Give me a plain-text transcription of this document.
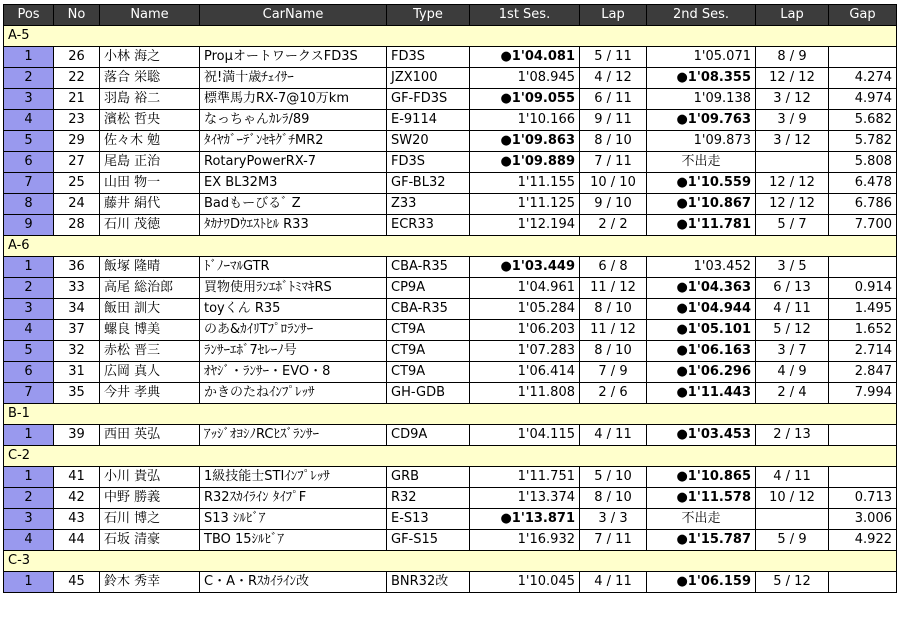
Pos	No	Name	CarName	Type	1st Ses.	Lap	2nd Ses.	Lap	Gap
A-5									
1	26	小林 海之	ProμオートワークスFD3S	FD3S	●1'04.081	5 / 11	1'05.071	8 / 9	
2	22	落合 栄聡	祝!満十歳ﾁｪｲｻｰ	JZX100	1'08.945	4 / 12	●1'08.355	12 / 12	4.274
3	21	羽島 裕二	標準馬力RX-7@10万km	GF-FD3S	●1'09.055	6 / 11	1'09.138	3 / 12	4.974
4	23	濱松 哲央	なっちゃんｶﾚﾗ/89	E-9114	1'10.166	9 / 11	●1'09.763	3 / 9	5.682
5	29	佐々木 勉	ﾀｲﾔｶﾞｰﾃﾞﾝｾｷｸﾞﾁMR2	SW20	●1'09.863	8 / 10	1'09.873	3 / 12	5.782
6	27	尾島 正治	RotaryPowerRX-7	FD3S	●1'09.889	7 / 11	不出走		5.808
7	25	山田 物一	EX BL32M3	GF-BL32	1'11.155	10 / 10	●1'10.559	12 / 12	6.478
8	24	藤井 絹代	Badもーびるﾞ Z	Z33	1'11.125	9 / 10	●1'10.867	12 / 12	6.786
9	28	石川 茂徳	ﾀｶﾅﾜDｳｴｽﾄﾋﾙ R33	ECR33	1'12.194	2 / 2	●1'11.781	5 / 7	7.700
A-6									
1	36	飯塚 隆晴	ﾄﾞﾉｰﾏﾙGTR	CBA-R35	●1'03.449	6 / 8	1'03.452	3 / 5	
2	33	高尾 総治郎	買物使用ﾗﾝｴﾎﾞﾄﾐﾏｷRS	CP9A	1'04.961	11 / 12	●1'04.363	6 / 13	0.914
3	34	飯田 訓大	toyくん R35	CBA-R35	1'05.284	8 / 10	●1'04.944	4 / 11	1.495
4	37	螺良 博美	のあ&ｶｲﾘTﾌﾟﾛﾗﾝｻｰ	CT9A	1'06.203	11 / 12	●1'05.101	5 / 12	1.652
5	32	赤松 晋三	ﾗﾝｻｰｴﾎﾞ7ｾﾚｰﾉ号	CT9A	1'07.283	8 / 10	●1'06.163	3 / 7	2.714
6	31	広岡 真人	ｵﾔｼﾞ・ﾗﾝｻｰ・EVO・8	CT9A	1'06.414	7 / 9	●1'06.296	4 / 9	2.847
7	35	今井 孝典	かきのたねｲﾝﾌﾟﾚｯｻ	GH-GDB	1'11.808	2 / 6	●1'11.443	2 / 4	7.994
B-1									
1	39	西田 英弘	ｱｯｼﾞｵﾖｼﾉRCﾋｽﾞﾗﾝｻｰ	CD9A	1'04.115	4 / 11	●1'03.453	2 / 13	
C-2									
1	41	小川 貴弘	1級技能士STIｲﾝﾌﾟﾚｯｻ	GRB	1'11.751	5 / 10	●1'10.865	4 / 11	
2	42	中野 勝義	R32ｽｶｲﾗｲﾝ ﾀｲﾌﾟF	R32	1'13.374	8 / 10	●1'11.578	10 / 12	0.713
3	43	石川 博之	S13 ｼﾙﾋﾞｱ	E-S13	●1'13.871	3 / 3	不出走		3.006
4	44	石坂 清豪	TBO 15ｼﾙﾋﾞｱ	GF-S15	1'16.932	7 / 11	●1'15.787	5 / 9	4.922
C-3									
1	45	鈴木 秀幸	C・A・Rｽｶｲﾗｲﾝ改	BNR32改	1'10.045	4 / 11	●1'06.159	5 / 12	
